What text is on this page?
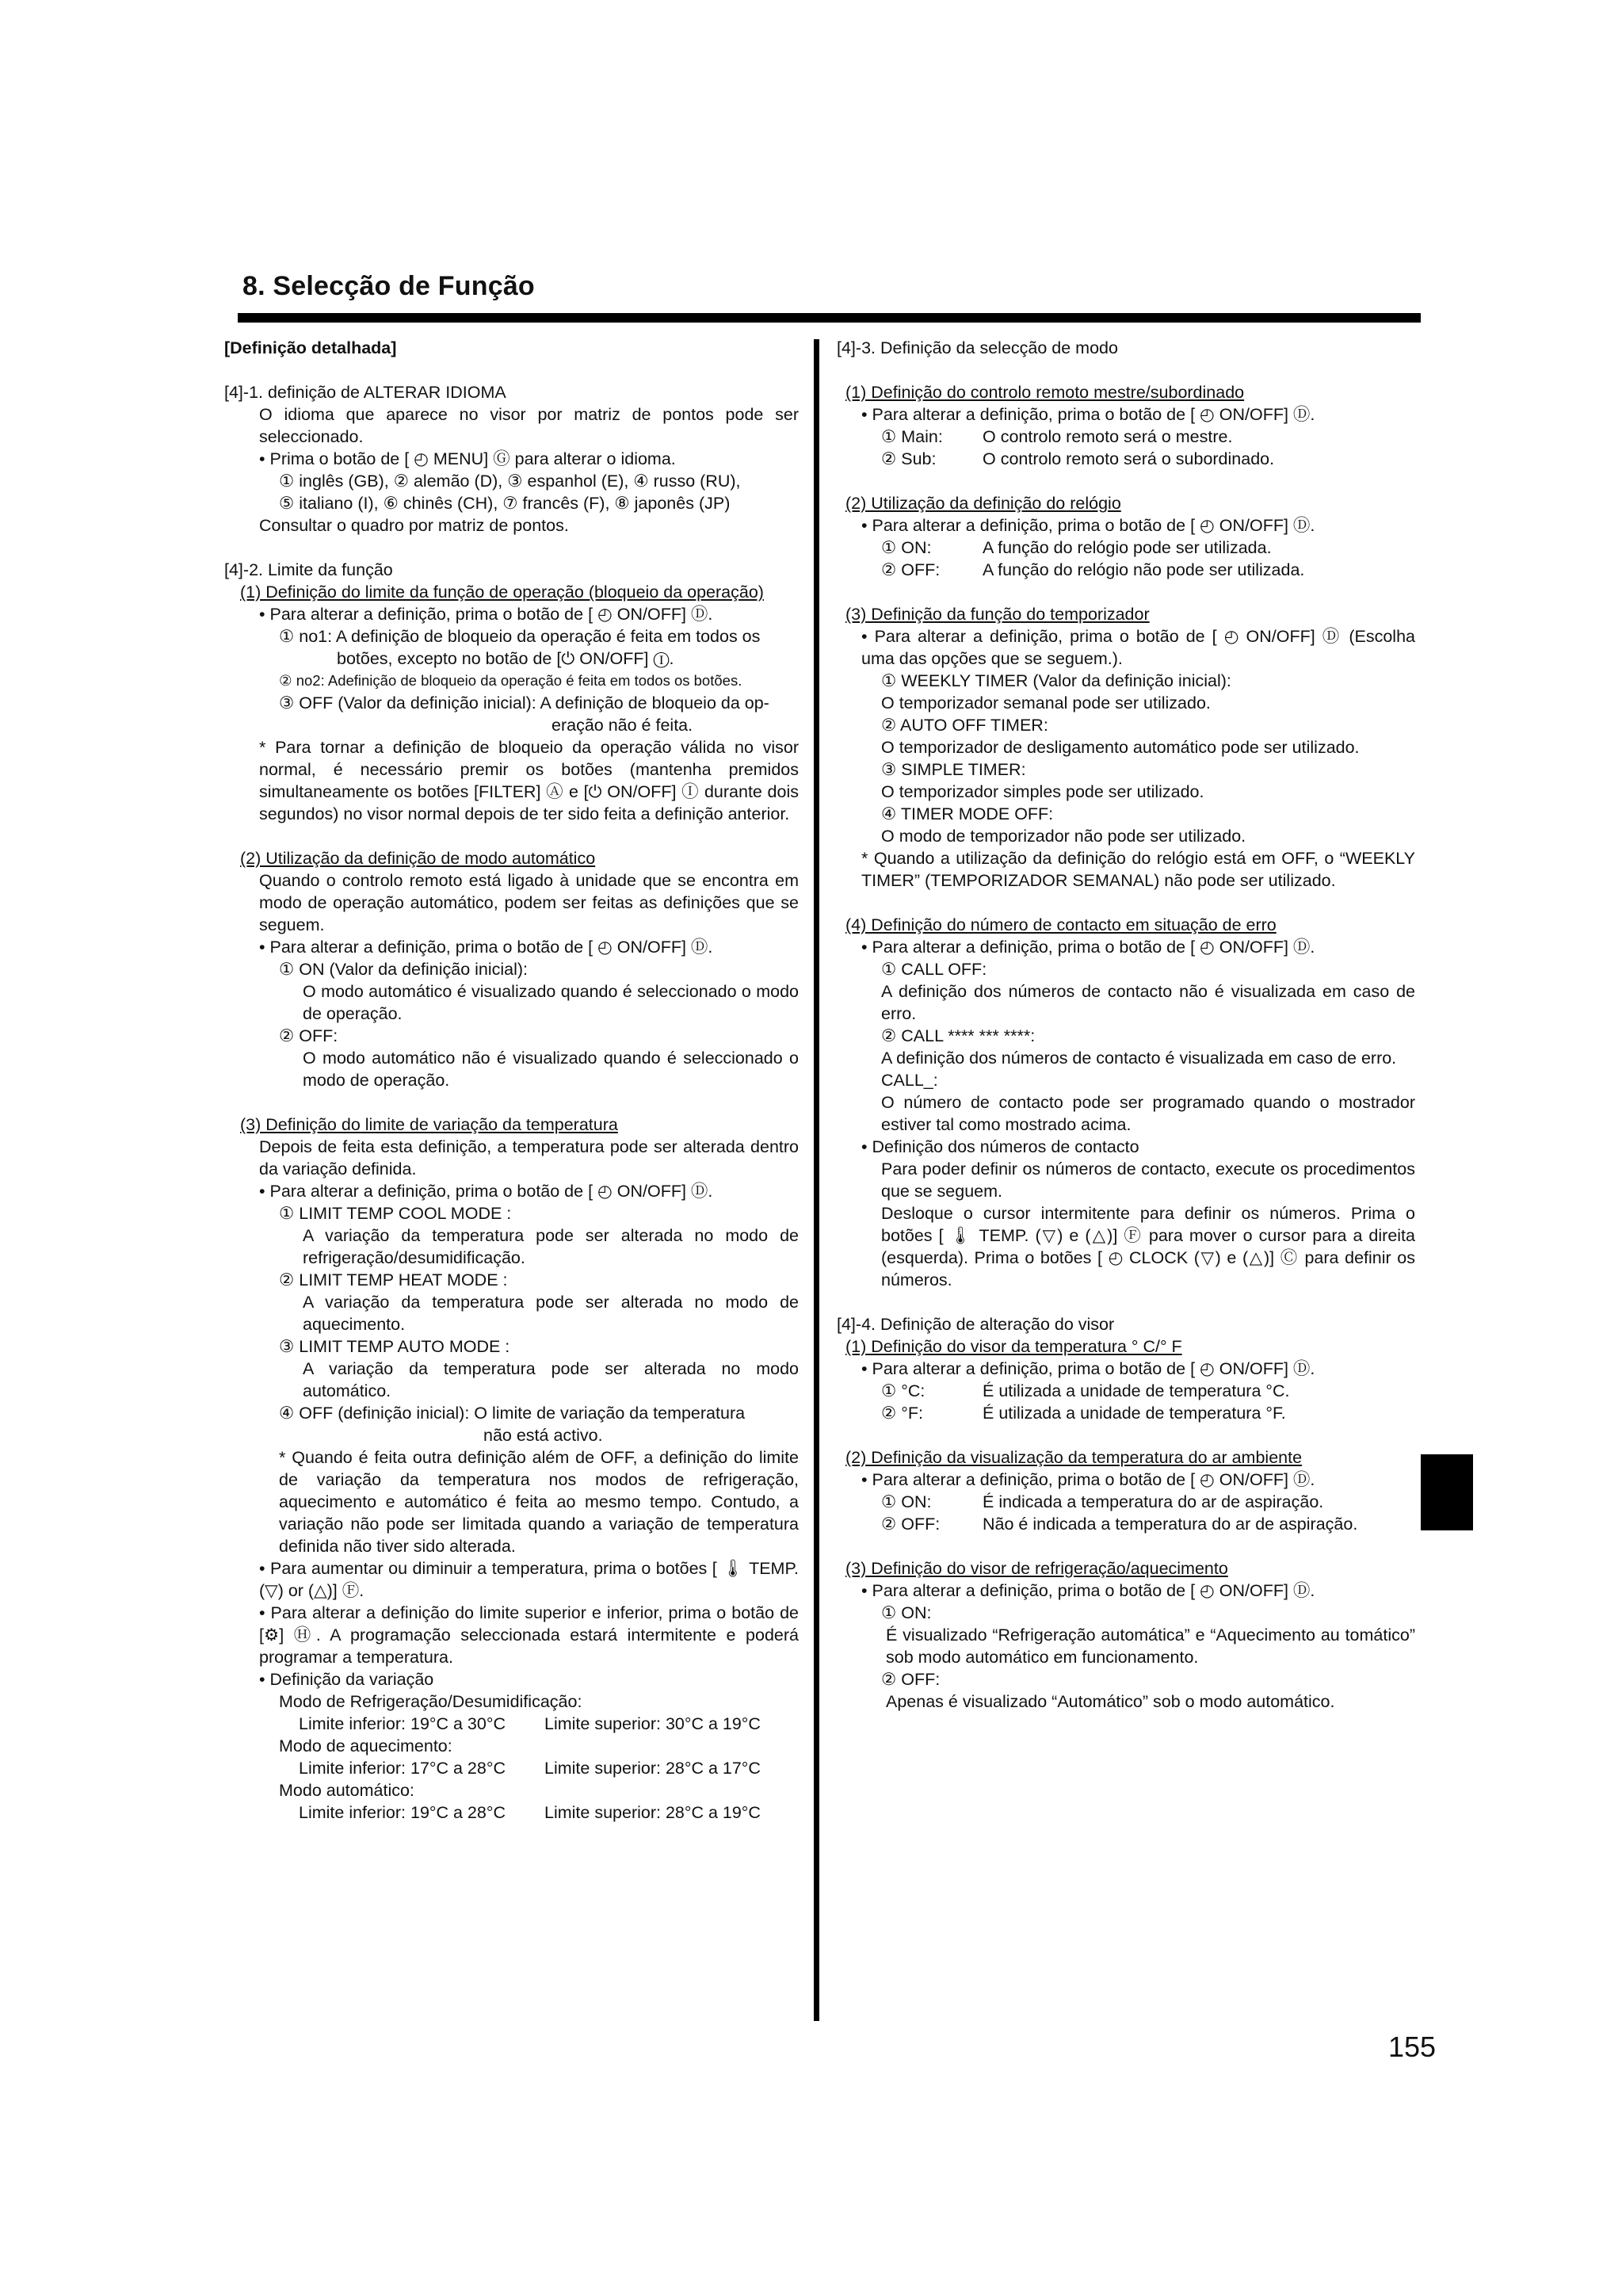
8. Selecção de Função
155

[Definição detalhada]

[4]-1. definição de ALTERAR IDIOMA

O idioma que aparece no visor por matriz de pontos pode ser seleccionado.

• Prima o botão de [ ◴ MENU] Ⓖ para alterar o idioma.

① inglês (GB), ② alemão (D), ③ espanhol (E), ④ russo (RU),

⑤ italiano (I), ⑥ chinês (CH), ⑦ francês (F), ⑧ japonês (JP)

Consultar o quadro por matriz de pontos.

[4]-2. Limite da função

(1) Definição do limite da função de operação (bloqueio da operação)

• Para alterar a definição, prima o botão de [ ◴ ON/OFF] Ⓓ.

① no1: A definição de bloqueio da operação é feita em todos os

botões, excepto no botão de [⏻ ON/OFF] Ⓘ.

② no2: Adefinição de bloqueio da operação é feita em todos os botões.

③ OFF (Valor da definição inicial): A definição de bloqueio da op-

eração não é feita.

* Para tornar a definição de bloqueio da operação válida no visor normal, é necessário premir os botões (mantenha premidos simultaneamente os botões [FILTER] Ⓐ e [⏻ ON/OFF] Ⓘ durante dois segundos) no visor normal depois de ter sido feita a definição anterior.

(2) Utilização da definição de modo automático

Quando o controlo remoto está ligado à unidade que se encontra em modo de operação automático, podem ser feitas as definições que se seguem.

• Para alterar a definição, prima o botão de [ ◴ ON/OFF] Ⓓ.

① ON (Valor da definição inicial):

O modo automático é visualizado quando é seleccionado o modo de operação.

② OFF:

O modo automático não é visualizado quando é seleccionado o modo de operação.

(3) Definição do limite de variação da temperatura

Depois de feita esta definição, a temperatura pode ser alterada dentro da variação definida.

• Para alterar a definição, prima o botão de [ ◴ ON/OFF] Ⓓ.

① LIMIT TEMP COOL MODE :

A variação da temperatura pode ser alterada no modo de refrigeração/desumidificação.

② LIMIT TEMP HEAT MODE :

A variação da temperatura pode ser alterada no modo de aquecimento.

③ LIMIT TEMP AUTO MODE :

A variação da temperatura pode ser alterada no modo automático.

④ OFF (definição inicial): O limite de variação da temperatura

não está activo.

* Quando é feita outra definição além de OFF, a definição do limite de variação da temperatura nos modos de refrigeração, aquecimento e automático é feita ao mesmo tempo. Contudo, a variação não pode ser limitada quando a variação de temperatura definida não tiver sido alterada.

• Para aumentar ou diminuir a temperatura, prima o botões [ 🌡 TEMP. (▽) or (△)] Ⓕ.

• Para alterar a definição do limite superior e inferior, prima o botão de [⚙] Ⓗ. A programação seleccionada estará intermitente e poderá programar a temperatura.

• Definição da variação

Modo de Refrigeração/Desumidificação:

Limite inferior: 19°C a 30°C	Limite superior: 30°C a 19°C

Modo de aquecimento:

Limite inferior: 17°C a 28°C	Limite superior: 28°C a 17°C

Modo automático:

Limite inferior: 19°C a 28°C	Limite superior: 28°C a 19°C

[4]-3. Definição da selecção de modo

(1) Definição do controlo remoto mestre/subordinado

• Para alterar a definição, prima o botão de [ ◴ ON/OFF] Ⓓ.

① Main:	O controlo remoto será o mestre.

② Sub:	O controlo remoto será o subordinado.

(2) Utilização da definição do relógio

• Para alterar a definição, prima o botão de [ ◴ ON/OFF] Ⓓ.

① ON:	A função do relógio pode ser utilizada.

② OFF:	A função do relógio não pode ser utilizada.

(3) Definição da função do temporizador

• Para alterar a definição, prima o botão de [ ◴ ON/OFF] Ⓓ (Escolha uma das opções que se seguem.).

① WEEKLY TIMER (Valor da definição inicial):

O temporizador semanal pode ser utilizado.

② AUTO OFF TIMER:

O temporizador de desligamento automático pode ser utilizado.

③ SIMPLE TIMER:

O temporizador simples pode ser utilizado.

④ TIMER MODE OFF:

O modo de temporizador não pode ser utilizado.

* Quando a utilização da definição do relógio está em OFF, o “WEEKLY TIMER” (TEMPORIZADOR SEMANAL) não pode ser utilizado.

(4) Definição do número de contacto em situação de erro

• Para alterar a definição, prima o botão de [ ◴ ON/OFF] Ⓓ.

① CALL OFF:

A definição dos números de contacto não é visualizada em caso de erro.

② CALL **** *** ****:

A definição dos números de contacto é visualizada em caso de erro.

CALL_:

O número de contacto pode ser programado quando o mostrador estiver tal como mostrado acima.

• Definição dos números de contacto

Para poder definir os números de contacto, execute os procedimentos que se seguem.

Desloque o cursor intermitente para definir os números. Prima o botões [ 🌡 TEMP. (▽) e (△)] Ⓕ para mover o cursor para a direita (esquerda). Prima o botões [ ◴ CLOCK (▽) e (△)] Ⓒ para definir os números.

[4]-4. Definição de alteração do visor

(1) Definição do visor da temperatura ° C/° F

• Para alterar a definição, prima o botão de [ ◴ ON/OFF] Ⓓ.

① °C:	É utilizada a unidade de temperatura °C.

② °F:	É utilizada a unidade de temperatura °F.

(2) Definição da visualização da temperatura do ar ambiente

• Para alterar a definição, prima o botão de [ ◴ ON/OFF] Ⓓ.

① ON:	É indicada a temperatura do ar de aspiração.

② OFF:	Não é indicada a temperatura do ar de aspiração.

(3) Definição do visor de refrigeração/aquecimento

• Para alterar a definição, prima o botão de [ ◴ ON/OFF] Ⓓ.

① ON:

É visualizado “Refrigeração automática” e “Aquecimento au tomático” sob modo automático em funcionamento.

② OFF:

Apenas é visualizado “Automático” sob o modo automático.
